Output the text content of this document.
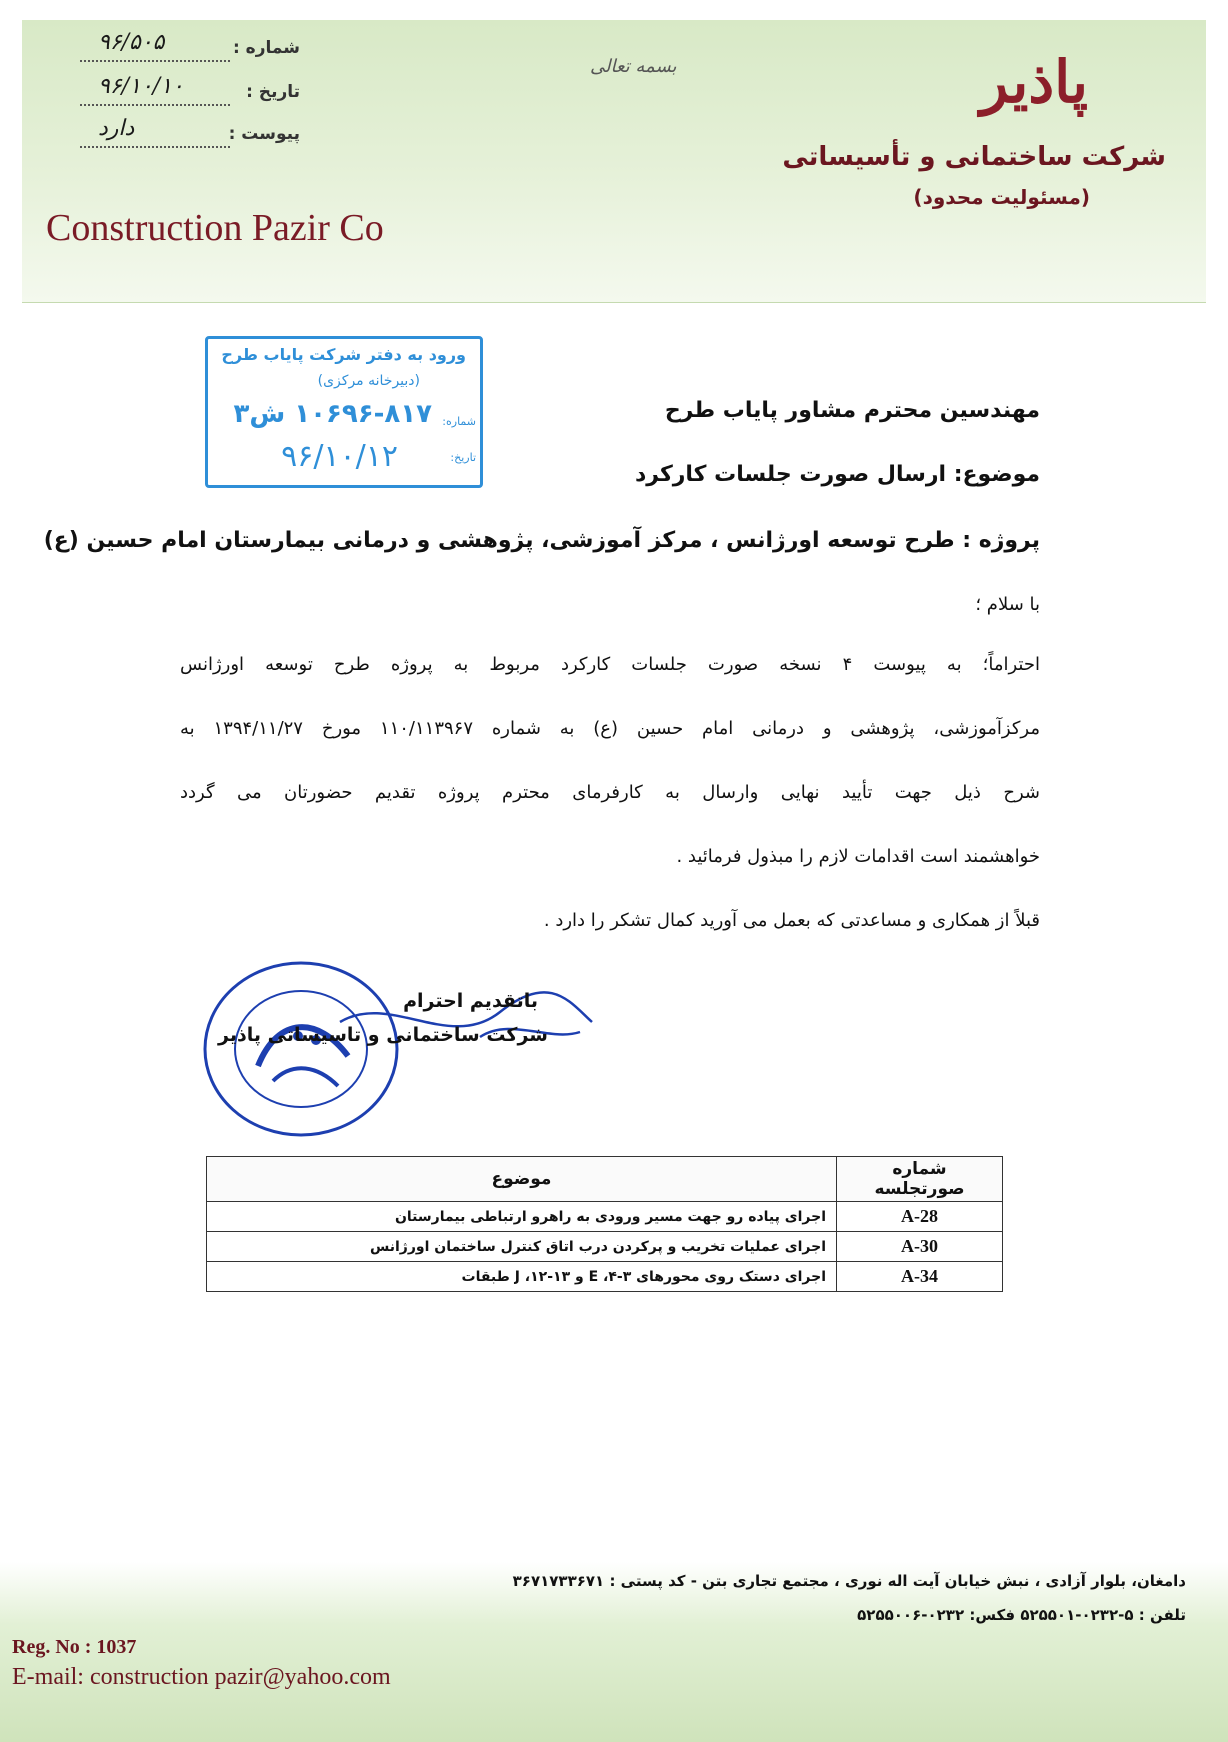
پاذیر
شرکت ساختمانی و تأسیساتی
(مسئولیت محدود)
Construction Pazir Co
بسمه تعالی
شماره :
۹۶/۵۰۵
تاریخ :
۹۶/۱۰/۱۰
پیوست :
دارد
ورود به دفتر شرکت پایاب طرح
(دبیرخانه مرکزی)
۱۰۶۹۶-۸۱۷ ش۳ شماره:
تاریخ:
۹۶/۱۰/۱۲
مهندسین محترم مشاور پایاب طرح
موضوع: ارسال صورت جلسات کارکرد
پروژه : طرح توسعه اورژانس ، مرکز آموزشی، پژوهشی و درمانی بیمارستان امام حسین (ع)
با سلام ؛
احتراماً؛ به پیوست ۴ نسخه صورت جلسات کارکرد مربوط به پروژه طرح توسعه اورژانس
مرکزآموزشی، پژوهشی و درمانی امام حسین (ع) به شماره ۱۱۰/۱۱۳۹۶۷ مورخ ۱۳۹۴/۱۱/۲۷ به
شرح ذیل جهت تأیید نهایی وارسال به کارفرمای محترم پروژه تقدیم حضورتان می گردد
خواهشمند است اقدامات لازم را مبذول فرمائید .
قبلاً از همکاری و مساعدتی که بعمل می آورید کمال تشکر را دارد .
باتقدیم احترام
شرکت ساختمانی و تاسیساتی پاذیر
شماره صورتجلسه	موضوع
A-28	اجرای پیاده رو جهت مسیر ورودی به راهرو ارتباطی بیمارستان
A-30	اجرای عملیات تخریب و پرکردن درب اتاق کنترل ساختمان اورژانس
A-34	اجرای دستک روی محورهای ۳-۴، E و ۱۳-۱۲، J طبقات
دامغان، بلوار آزادی ، نبش خیابان آیت اله نوری ، مجتمع تجاری بتن - کد پستی : ۳۶۷۱۷۳۳۶۷۱
تلفن : ۵-۰۲۳۲-۵۲۵۵۰۱ فکس: ۰۲۳۲-۵۲۵۵۰۰۶
Reg. No : 1037
E-mail: construction pazir@yahoo.com
